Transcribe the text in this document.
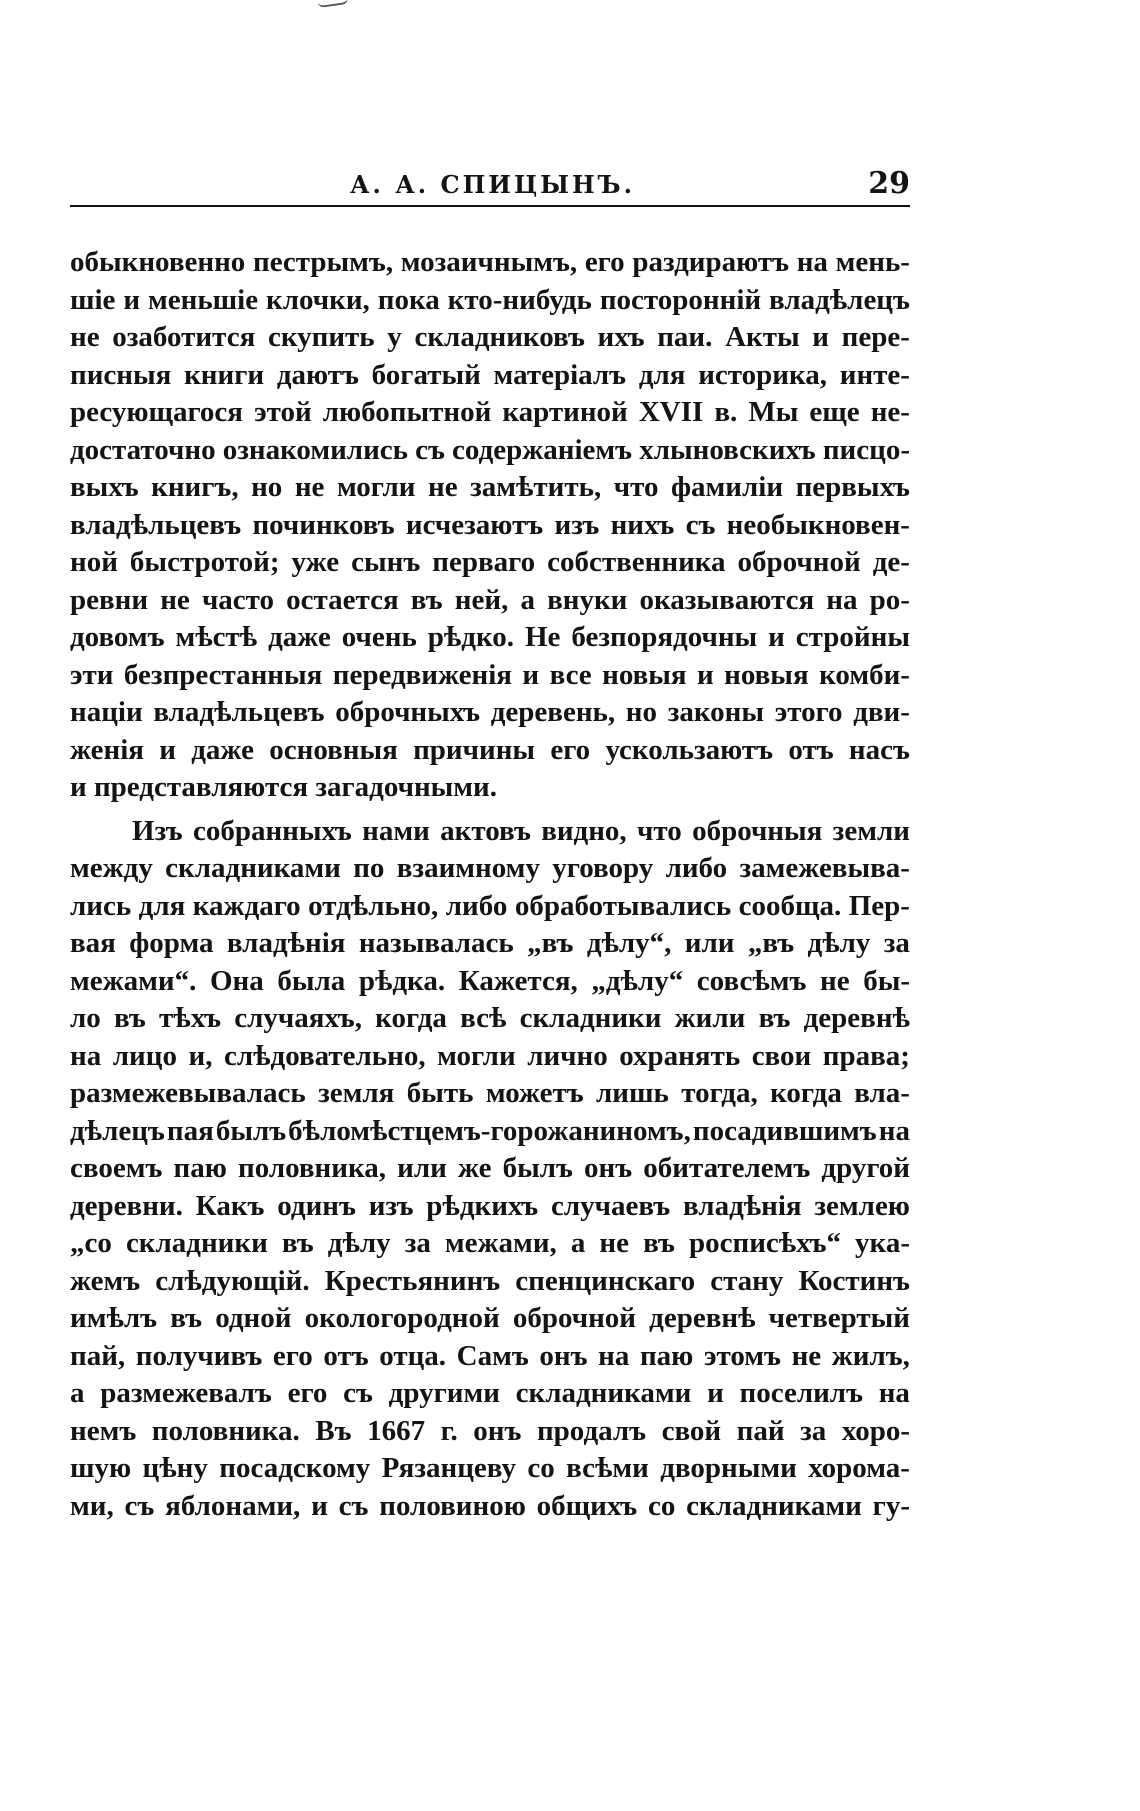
А. А. СПИЦЫНЪ.	29
обыкновенно пестрымъ, мозаичнымъ, его раздираютъ на мень-
шіе и меньшіе клочки, пока кто-нибудь посторонній владѣлецъ
не озаботится скупить у складниковъ ихъ паи. Акты и пере-
писныя книги даютъ богатый матеріалъ для историка, инте-
ресующагося этой любопытной картиной XVII в. Мы еще не-
достаточно ознакомились съ содержаніемъ хлыновскихъ писцо-
выхъ книгъ, но не могли не замѣтить, что фамиліи первыхъ
владѣльцевъ починковъ исчезаютъ изъ нихъ съ необыкновен-
ной быстротой; уже сынъ перваго собственника оброчной де-
ревни не часто остается въ ней, а внуки оказываются на ро-
довомъ мѣстѣ даже очень рѣдко. Не безпорядочны и стройны
эти безпрестанныя передвиженія и все новыя и новыя комби-
націи владѣльцевъ оброчныхъ деревень, но законы этого дви-
женія и даже основныя причины его ускользаютъ отъ насъ
и представляются загадочными.
Изъ собранныхъ нами актовъ видно, что оброчныя земли
между складниками по взаимному уговору либо замежевыва-
лись для каждаго отдѣльно, либо обработывались сообща. Пер-
вая форма владѣнія называлась „въ дѣлу“, или „въ дѣлу за
межами“. Она была рѣдка. Кажется, „дѣлу“ совсѣмъ не бы-
ло въ тѣхъ случаяхъ, когда всѣ складники жили въ деревнѣ
на лицо и, слѣдовательно, могли лично охранять свои права;
размежевывалась земля быть можетъ лишь тогда, когда вла-
дѣлецъ пая былъ бѣломѣстцемъ-горожаниномъ, посадившимъ на
своемъ паю половника, или же былъ онъ обитателемъ другой
деревни. Какъ одинъ изъ рѣдкихъ случаевъ владѣнія землею
„со складники въ дѣлу за межами, а не въ росписѣхъ“ ука-
жемъ слѣдующій. Крестьянинъ спенцинскаго стану Костинъ
имѣлъ въ одной окологородной оброчной деревнѣ четвертый
пай, получивъ его отъ отца. Самъ онъ на паю этомъ не жилъ,
а размежевалъ его съ другими складниками и поселилъ на
немъ половника. Въ 1667 г. онъ продалъ свой пай за хоро-
шую цѣну посадскому Рязанцеву со всѣми дворными хорома-
ми, съ яблонами, и съ половиною общихъ со складниками гу-
